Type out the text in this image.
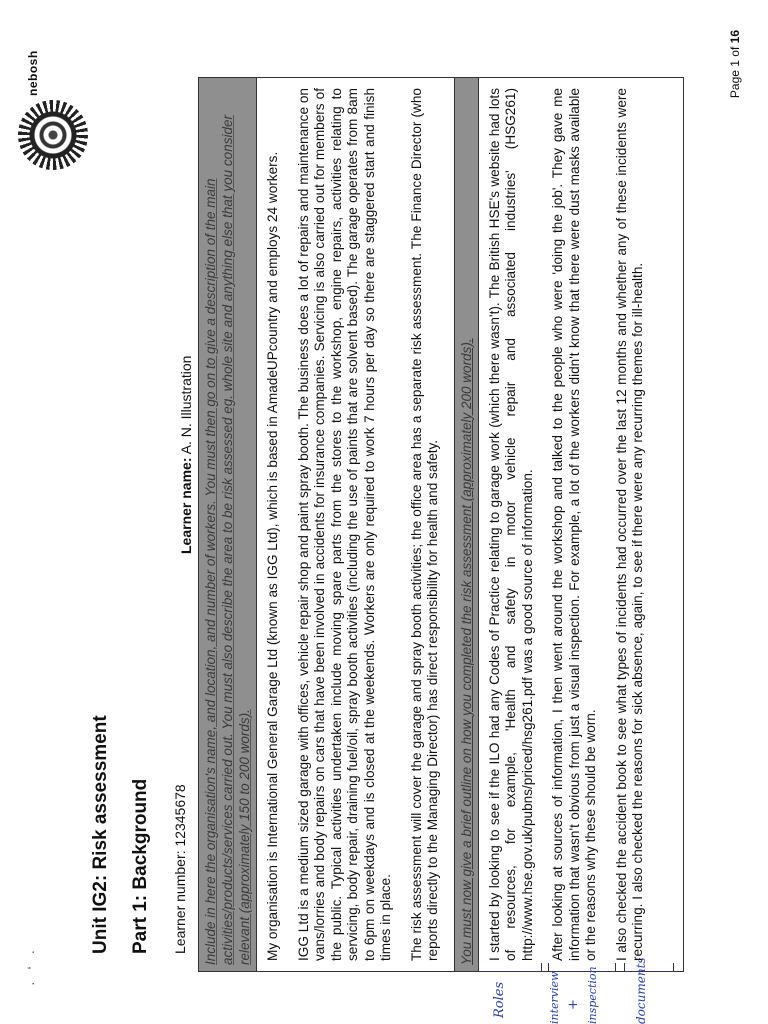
· ‘ ·
nebosh
Unit IG2: Risk assessment Part 1: Background Learner number: 12345678
Learner name: A. N. Illustration Include in here the organisation's name, and location, and number of workers. You must then go on to give a description of the main activities/products/services carried out. You must also describe the area to be risk assessed eg. whole site and anything else that you consider relevant (approximately 150 to 200 words). My organisation is International General Garage Ltd (known as IGG Ltd), which is based in AmadeUPcountry and employs 24 workers. IGG Ltd is a medium sized garage with offices, vehicle repair shop and paint spray booth. The business does a lot of repairs and maintenance on vans/lorries and body repairs on cars that have been involved in accidents for insurance companies. Servicing is also carried out for members of the public. Typical activities undertaken include moving spare parts from the stores to the workshop, engine repairs, activities relating to servicing, body repair, draining fuel/oil, spray booth activities (including the use of paints that are solvent based). The garage operates from 8am to 6pm on weekdays and is closed at the weekends. Workers are only required to work 7 hours per day so there are staggered start and finish times in place. The risk assessment will cover the garage and spray booth activities; the office area has a separate risk assessment. The Finance Director (who reports directly to the Managing Director) has direct responsibility for health and safety.	You must now give a brief outline on how you completed the risk assessment (approximately 200 words). I started by looking to see if the ILO had any Codes of Practice relating to garage work (which there wasn't). The British HSE's website had lots of resources, for example, 'Health and safety in motor vehicle repair and associated industries' (HSG261) http://www.hse.gov.uk/pubns/priced/hsg261.pdf was a good source of information. After looking at sources of information, I then went around the workshop and talked to the people who were 'doing the job'. They gave me information that wasn't obvious from just a visual inspection. For example, a lot of the workers didn't know that there were dust masks available or the reasons why these should be worn. I also checked the accident book to see what types of incidents had occurred over the last 12 months and whether any of these incidents were recurring. I also checked the reasons for sick absence, again, to see if there were any recurring themes for ill-health.

Roles	interview + inspection	documents
Page 1 of 16
